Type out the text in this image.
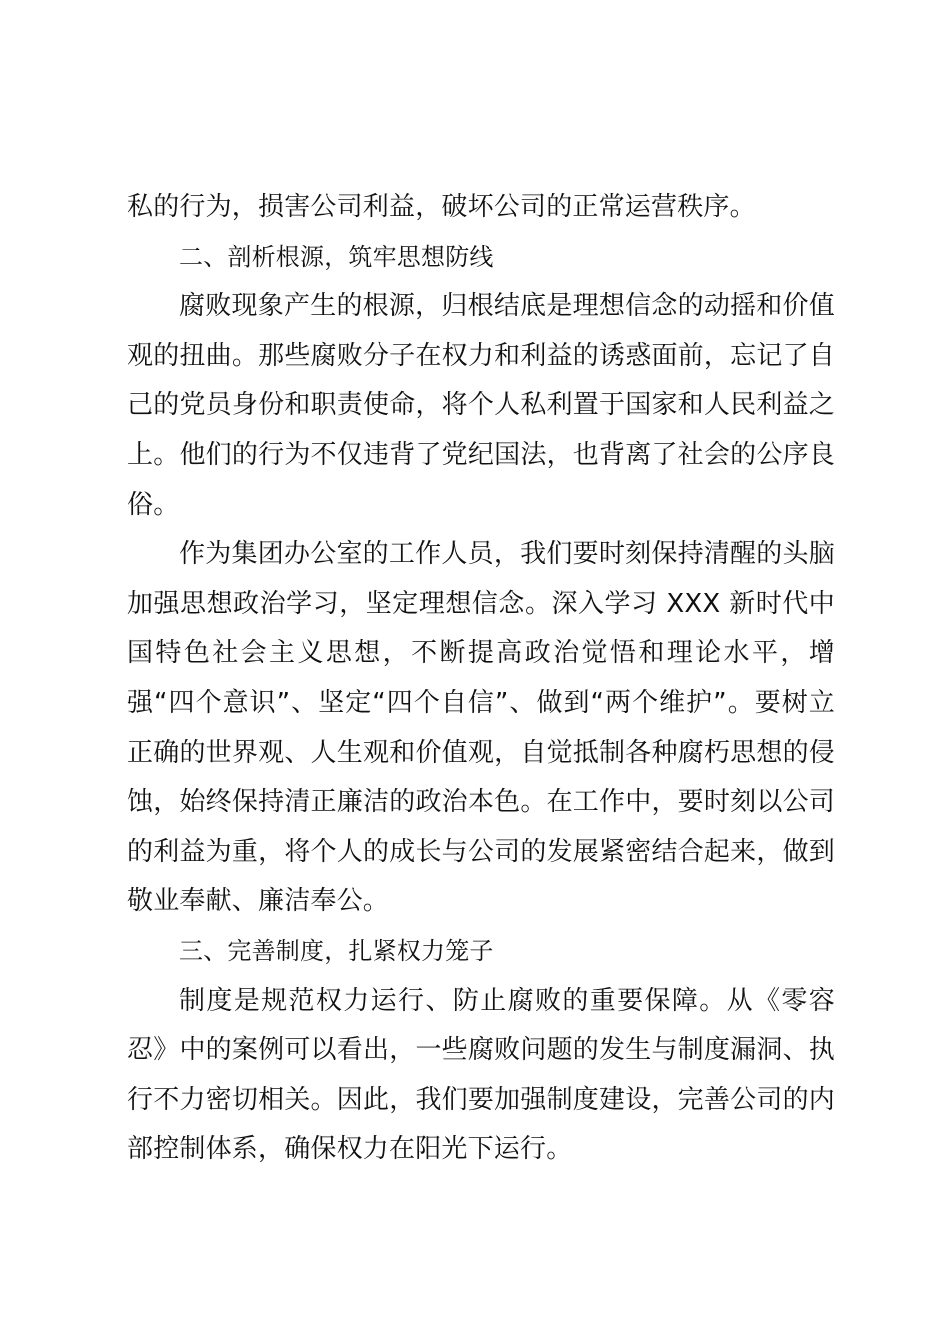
私的行为，损害公司利益，破坏公司的正常运营秩序。

二、剖析根源，筑牢思想防线

腐败现象产生的根源，归根结底是理想信念的动摇和价值观的扭曲。那些腐败分子在权力和利益的诱惑面前，忘记了自己的党员身份和职责使命，将个人私利置于国家和人民利益之上。他们的行为不仅违背了党纪国法，也背离了社会的公序良俗。

作为集团办公室的工作人员，我们要时刻保持清醒的头脑加强思想政治学习，坚定理想信念。深入学习 XXX 新时代中国特色社会主义思想，不断提高政治觉悟和理论水平，增强“四个意识”、坚定“四个自信”、做到“两个维护”。要树立正确的世界观、人生观和价值观，自觉抵制各种腐朽思想的侵蚀，始终保持清正廉洁的政治本色。在工作中，要时刻以公司的利益为重，将个人的成长与公司的发展紧密结合起来，做到敬业奉献、廉洁奉公。

三、完善制度，扎紧权力笼子

制度是规范权力运行、防止腐败的重要保障。从《零容忍》中的案例可以看出，一些腐败问题的发生与制度漏洞、执行不力密切相关。因此，我们要加强制度建设，完善公司的内部控制体系，确保权力在阳光下运行。
